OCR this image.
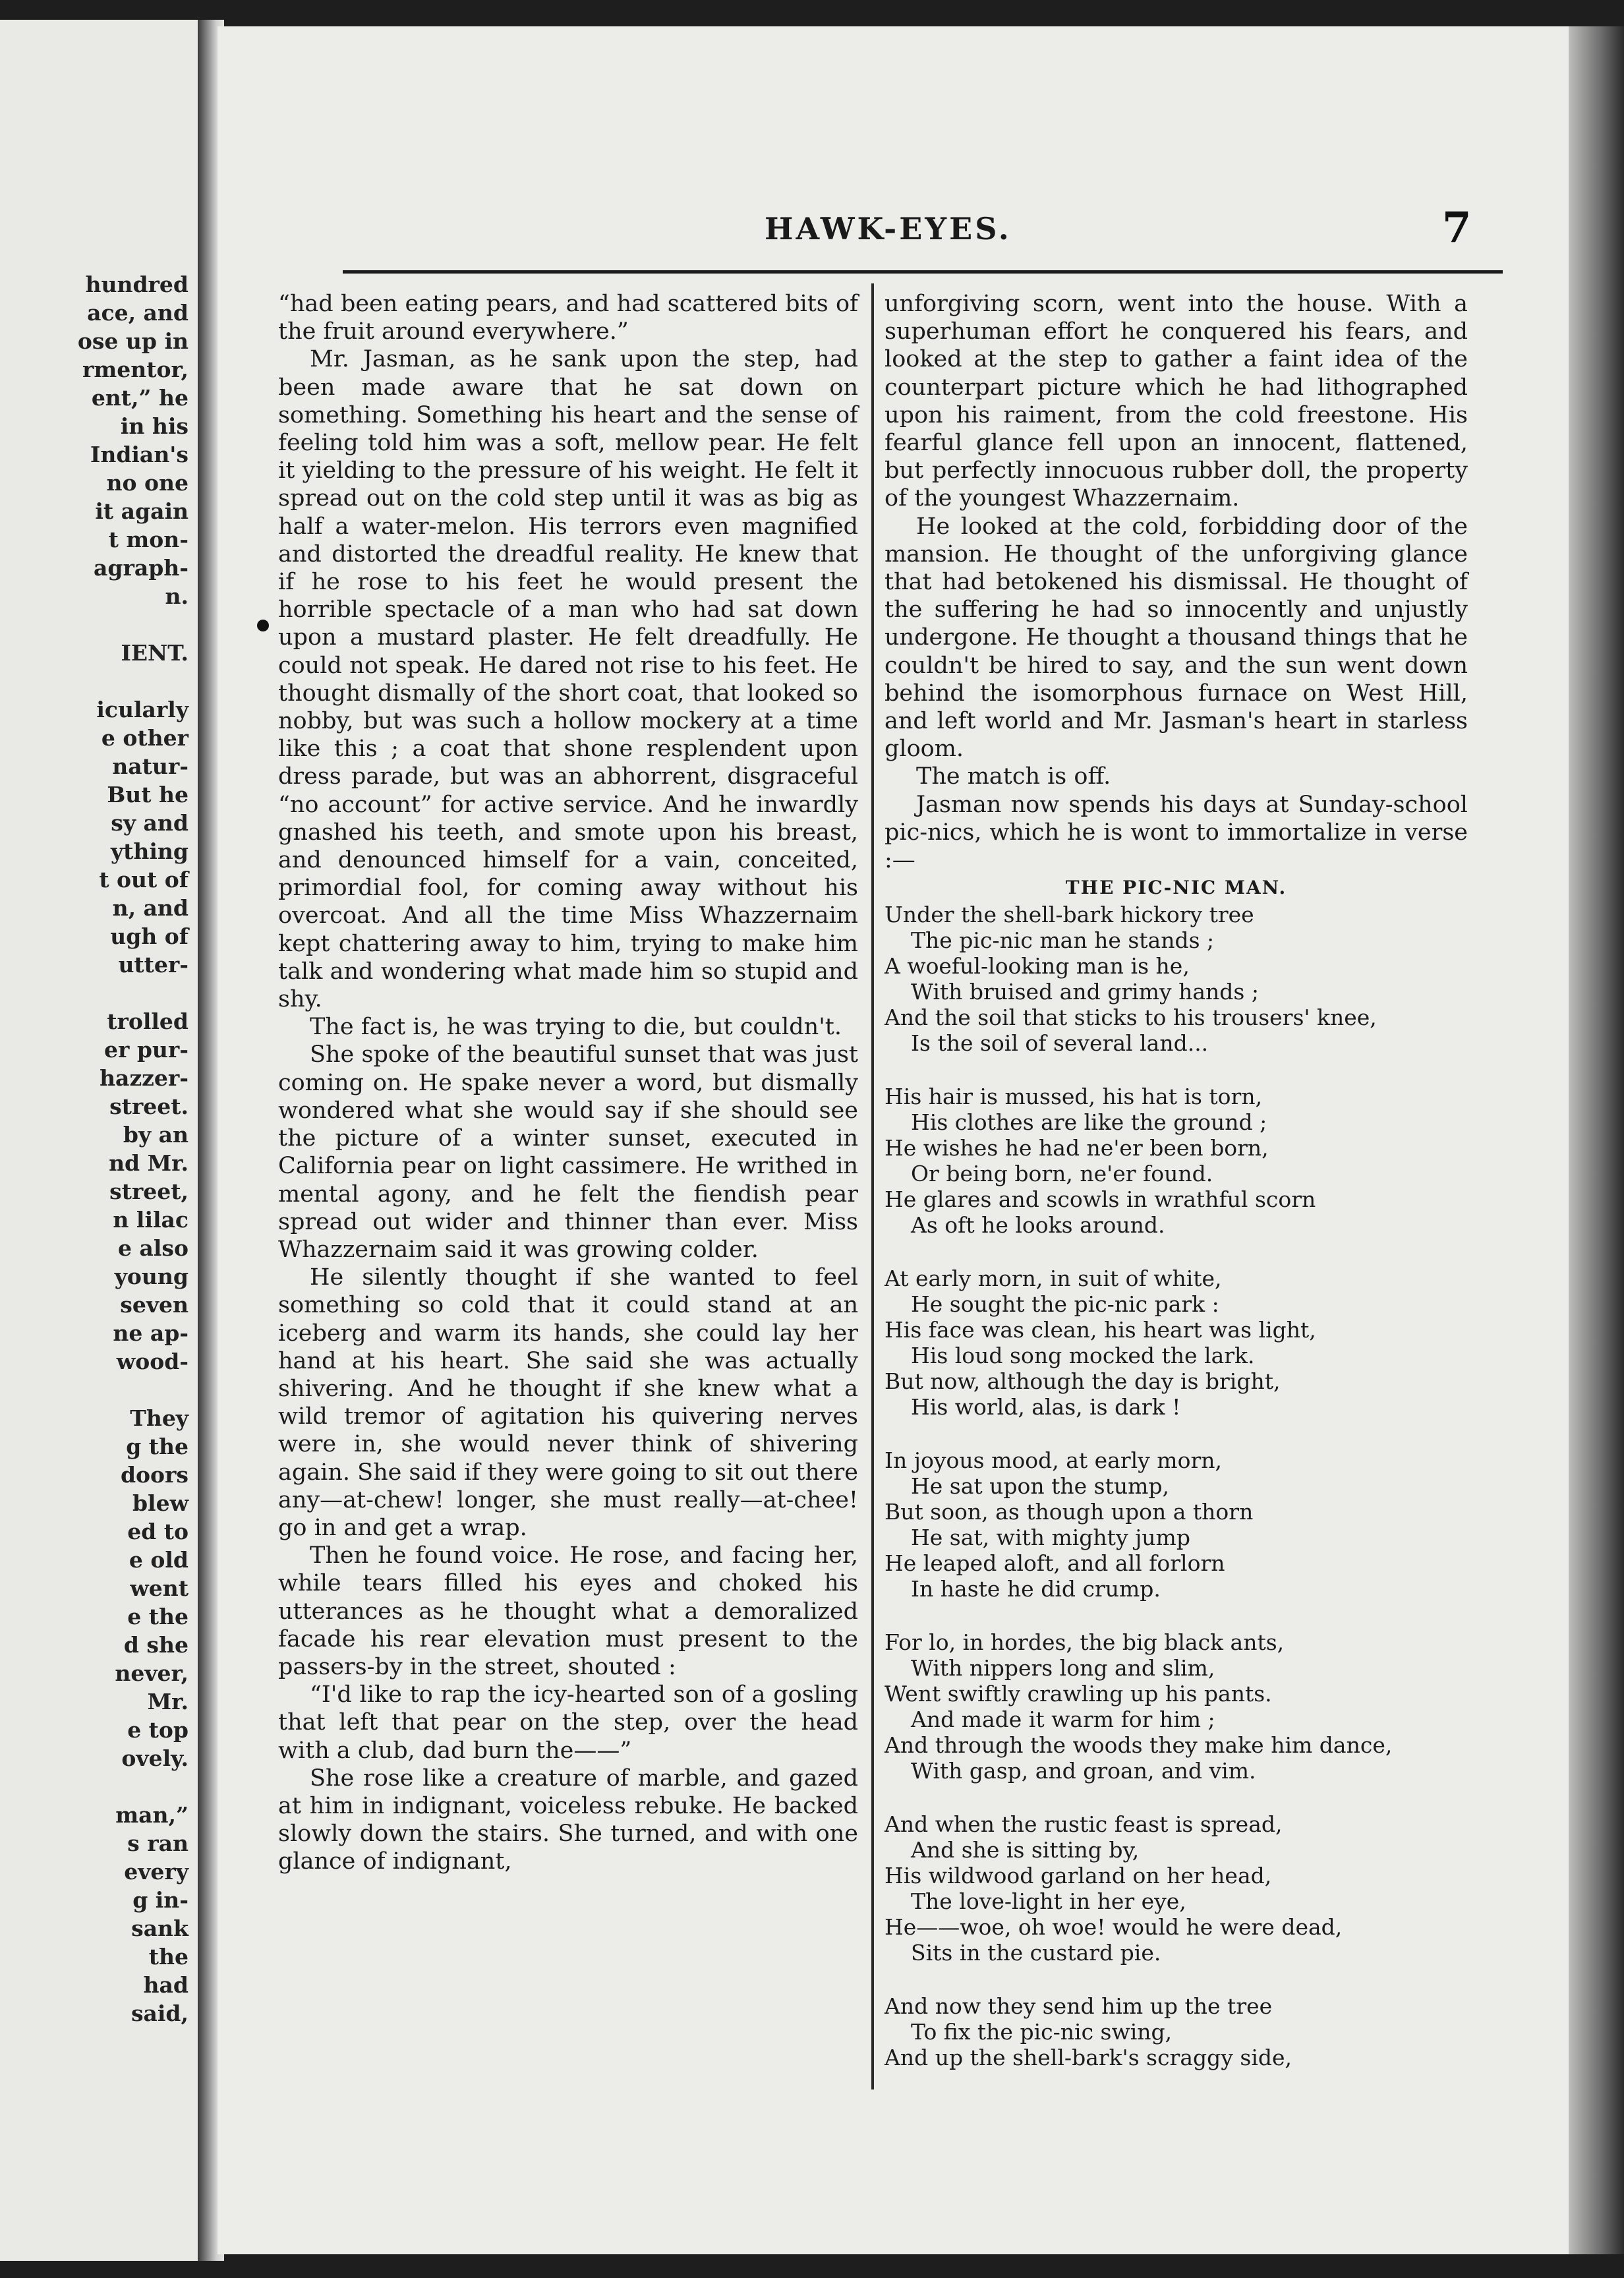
hundred
ace, and
ose up in
rmentor,
ent,” he
in his
Indian's
no one
it again
t mon-
agraph-
n.
IENT.
icularly
e other
natur-
But he
sy and
ything
t out of
n, and
ugh of
utter-
trolled
er pur-
hazzer-
street.
by an
nd Mr.
street,
n lilac
e also
young
seven
ne ap-
wood-
They
g the
doors
blew
ed to
e old
went
e the
d she
never,
Mr.
e top
ovely.
man,”
s ran
every
g in-
sank
the
had
said,
HAWK-EYES.	7

“had been eating pears, and had scattered bits of the fruit around everywhere.”

Mr. Jasman, as he sank upon the step, had been made aware that he sat down on something. Something his heart and the sense of feeling told him was a soft, mellow pear. He felt it yielding to the pressure of his weight. He felt it spread out on the cold step until it was as big as half a water-melon. His terrors even magnified and distorted the dreadful reality. He knew that if he rose to his feet he would present the horrible spectacle of a man who had sat down upon a mustard plaster. He felt dreadfully. He could not speak. He dared not rise to his feet. He thought dismally of the short coat, that looked so nobby, but was such a hollow mockery at a time like this ; a coat that shone resplendent upon dress parade, but was an abhorrent, disgraceful “no account” for active service. And he inwardly gnashed his teeth, and smote upon his breast, and denounced himself for a vain, conceited, primordial fool, for coming away without his overcoat. And all the time Miss Whazzernaim kept chattering away to him, trying to make him talk and wondering what made him so stupid and shy.

The fact is, he was trying to die, but couldn't.

She spoke of the beautiful sunset that was just coming on. He spake never a word, but dismally wondered what she would say if she should see the picture of a winter sunset, executed in California pear on light cassimere. He writhed in mental agony, and he felt the fiendish pear spread out wider and thinner than ever. Miss Whazzernaim said it was growing colder.

He silently thought if she wanted to feel something so cold that it could stand at an iceberg and warm its hands, she could lay her hand at his heart. She said she was actually shivering. And he thought if she knew what a wild tremor of agitation his quivering nerves were in, she would never think of shivering again. She said if they were going to sit out there any—at-chew! longer, she must really—at-chee! go in and get a wrap.

Then he found voice. He rose, and facing her, while tears filled his eyes and choked his utterances as he thought what a demoralized facade his rear elevation must present to the passers-by in the street, shouted :

“I'd like to rap the icy-hearted son of a gosling that left that pear on the step, over the head with a club, dad burn the——”

She rose like a creature of marble, and gazed at him in indignant, voiceless rebuke. He backed slowly down the stairs. She turned, and with one glance of indignant,

unforgiving scorn, went into the house. With a superhuman effort he conquered his fears, and looked at the step to gather a faint idea of the counterpart picture which he had lithographed upon his raiment, from the cold freestone. His fearful glance fell upon an innocent, flattened, but perfectly innocuous rubber doll, the property of the youngest Whazzernaim.

He looked at the cold, forbidding door of the mansion. He thought of the unforgiving glance that had betokened his dismissal. He thought of the suffering he had so innocently and unjustly undergone. He thought a thousand things that he couldn't be hired to say, and the sun went down behind the isomorphous furnace on West Hill, and left world and Mr. Jasman's heart in starless gloom.

The match is off.

Jasman now spends his days at Sunday-school pic-nics, which he is wont to immortalize in verse :—

THE PIC-NIC MAN.

Under the shell-bark hickory tree
The pic-nic man he stands ;
A woeful-looking man is he,
With bruised and grimy hands ;
And the soil that sticks to his trousers' knee,
Is the soil of several land...
His hair is mussed, his hat is torn,
His clothes are like the ground ;
He wishes he had ne'er been born,
Or being born, ne'er found.
He glares and scowls in wrathful scorn
As oft he looks around.
At early morn, in suit of white,
He sought the pic-nic park :
His face was clean, his heart was light,
His loud song mocked the lark.
But now, although the day is bright,
His world, alas, is dark !
In joyous mood, at early morn,
He sat upon the stump,
But soon, as though upon a thorn
He sat, with mighty jump
He leaped aloft, and all forlorn
In haste he did crump.
For lo, in hordes, the big black ants,
With nippers long and slim,
Went swiftly crawling up his pants.
And made it warm for him ;
And through the woods they make him dance,
With gasp, and groan, and vim.
And when the rustic feast is spread,
And she is sitting by,
His wildwood garland on her head,
The love-light in her eye,
He——woe, oh woe! would he were dead,
Sits in the custard pie.
And now they send him up the tree
To fix the pic-nic swing,
And up the shell-bark's scraggy side,
